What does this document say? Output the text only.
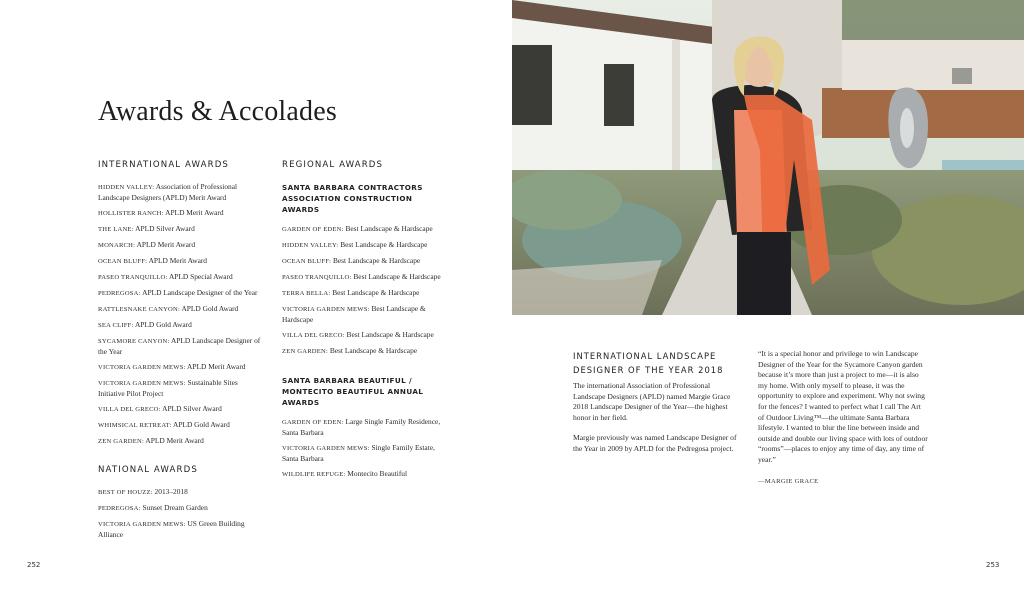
Awards & Accolades
INTERNATIONAL AWARDS
HIDDEN VALLEY: Association of Professional Landscape Designers (APLD) Merit Award
HOLLISTER RANCH: APLD Merit Award
THE LANE: APLD Silver Award
MONARCH: APLD Merit Award
OCEAN BLUFF: APLD Merit Award
PASEO TRANQUILLO: APLD Special Award
PEDREGOSA: APLD Landscape Designer of the Year
RATTLESNAKE CANYON: APLD Gold Award
SEA CLIFF: APLD Gold Award
SYCAMORE CANYON: APLD Landscape Designer of the Year
VICTORIA GARDEN MEWS: APLD Merit Award
VICTORIA GARDEN MEWS: Sustainable Sites Initiative Pilot Project
VILLA DEL GRECO: APLD Silver Award
WHIMSICAL RETREAT: APLD Gold Award
ZEN GARDEN: APLD Merit Award
NATIONAL AWARDS
BEST OF HOUZZ: 2013–2018
PEDREGOSA: Sunset Dream Garden
VICTORIA GARDEN MEWS: US Green Building Alliance
REGIONAL AWARDS
SANTA BARBARA CONTRACTORS
ASSOCIATION CONSTRUCTION AWARDS
GARDEN OF EDEN: Best Landscape & Hardscape
HIDDEN VALLEY: Best Landscape & Hardscape
OCEAN BLUFF: Best Landscape & Hardscape
PASEO TRANQUILLO: Best Landscape & Hardscape
TERRA BELLA: Best Landscape & Hardscape
VICTORIA GARDEN MEWS: Best Landscape & Hardscape
VILLA DEL GRECO: Best Landscape & Hardscape
ZEN GARDEN: Best Landscape & Hardscape
SANTA BARBARA BEAUTIFUL /
MONTECITO BEAUTIFUL ANNUAL AWARDS
GARDEN OF EDEN: Large Single Family Residence, Santa Barbara
VICTORIA GARDEN MEWS: Single Family Estate, Santa Barbara
WILDLIFE REFUGE: Montecito Beautiful
INTERNATIONAL LANDSCAPE
DESIGNER OF THE YEAR 2018

The international Association of Professional Landscape Designers (APLD) named Margie Grace 2018 Landscape Designer of the Year—the highest honor in her field.

Margie previously was named Landscape Designer of the Year in 2009 by APLD for the Pedregosa project.

“It is a special honor and privilege to win Landscape Designer of the Year for the Sycamore Canyon garden because it’s more than just a project to me—it is also my home. With only myself to please, it was the opportunity to explore and experiment. Why not swing for the fences? I wanted to perfect what I call The Art of Outdoor Living™—the ultimate Santa Barbara lifestyle. I wanted to blur the line between inside and outside and double our living space with lots of outdoor “rooms”—places to enjoy any time of day, any time of year.”

—MARGIE GRACE
252	253
